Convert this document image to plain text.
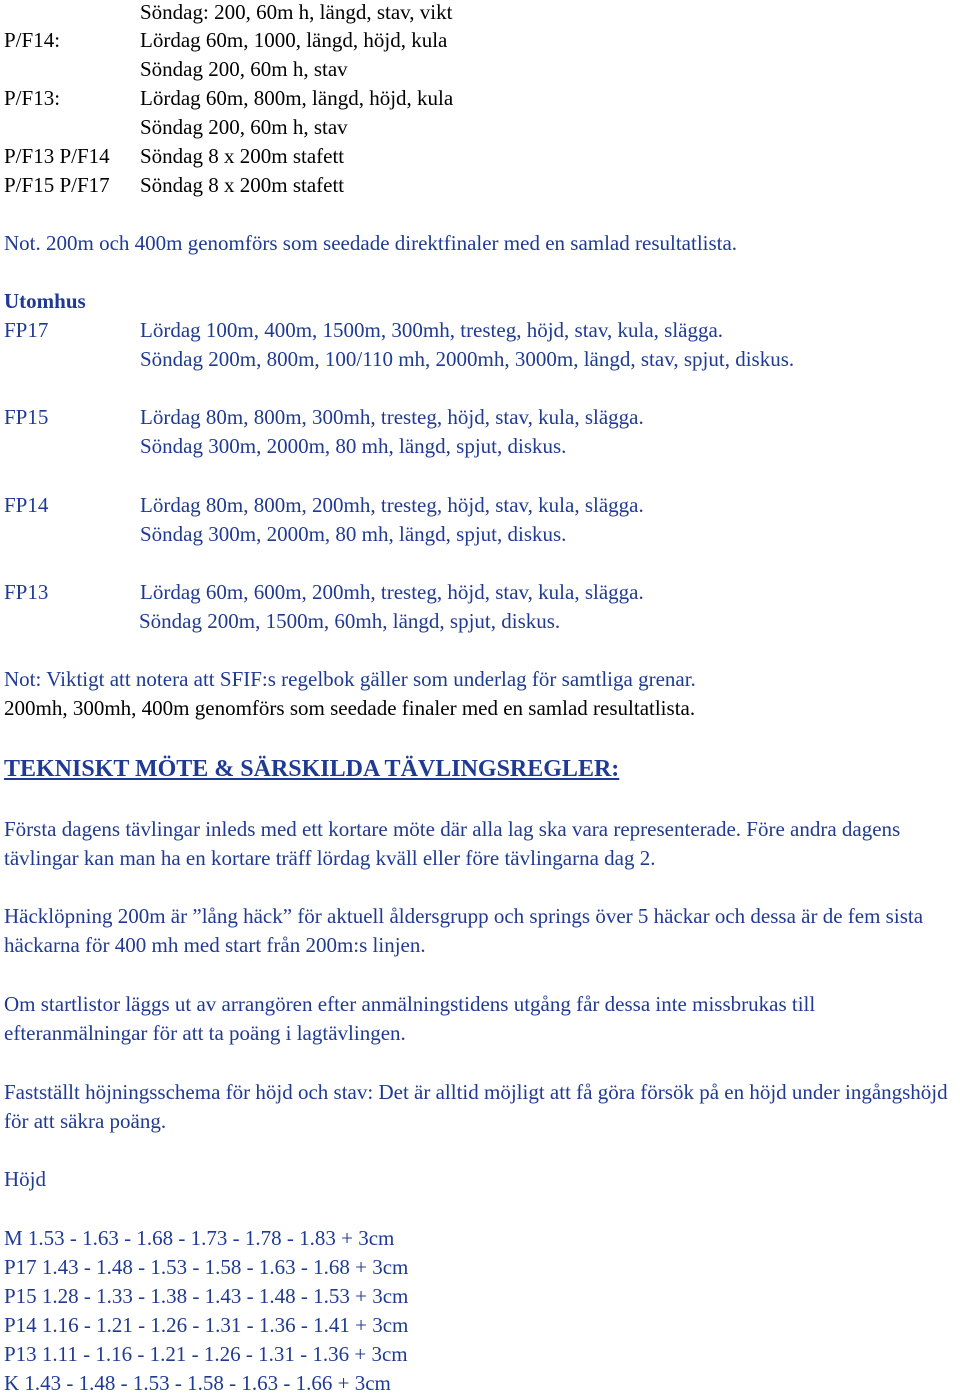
Söndag: 200, 60m h, längd, stav, vikt
P/F14:	Lördag 60m, 1000, längd, höjd, kula
Söndag 200, 60m h, stav
P/F13:	Lördag 60m, 800m, längd, höjd, kula
Söndag 200, 60m h, stav
P/F13 P/F14 Söndag 8 x 200m stafett
P/F15 P/F17 Söndag 8 x 200m stafett
Not. 200m och 400m genomförs som seedade direktfinaler med en samlad resultatlista.
Utomhus
FP17	Lördag 100m, 400m, 1500m, 300mh, tresteg, höjd, stav, kula, slägga.
Söndag 200m, 800m, 100/110 mh, 2000mh, 3000m, längd, stav, spjut, diskus.
FP15	Lördag 80m, 800m, 300mh, tresteg, höjd, stav, kula, slägga.
Söndag 300m, 2000m, 80 mh, längd, spjut, diskus.
FP14	Lördag 80m, 800m, 200mh, tresteg, höjd, stav, kula, slägga.
Söndag 300m, 2000m, 80 mh, längd, spjut, diskus.
FP13	Lördag 60m, 600m, 200mh, tresteg, höjd, stav, kula, slägga.
Söndag 200m, 1500m, 60mh, längd, spjut, diskus.
Not: Viktigt att notera att SFIF:s regelbok gäller som underlag för samtliga grenar.
200mh, 300mh, 400m genomförs som seedade finaler med en samlad resultatlista.
TEKNISKT MÖTE & SÄRSKILDA TÄVLINGSREGLER:
Första dagens tävlingar inleds med ett kortare möte där alla lag ska vara representerade. Före andra dagens tävlingar kan man ha en kortare träff lördag kväll eller före tävlingarna dag 2.
Häcklöpning 200m är ”lång häck” för aktuell åldersgrupp och springs över 5 häckar och dessa är de fem sista häckarna för 400 mh med start från 200m:s linjen.
Om startlistor läggs ut av arrangören efter anmälningstidens utgång får dessa inte missbrukas till efteranmälningar för att ta poäng i lagtävlingen.
Fastställt höjningsschema för höjd och stav: Det är alltid möjligt att få göra försök på en höjd under ingångshöjd för att säkra poäng.
Höjd
M 1.53 - 1.63 - 1.68 - 1.73 - 1.78 - 1.83 + 3cm
P17 1.43 - 1.48 - 1.53 - 1.58 - 1.63 - 1.68 + 3cm
P15 1.28 - 1.33 - 1.38 - 1.43 - 1.48 - 1.53 + 3cm
P14 1.16 - 1.21 - 1.26 - 1.31 - 1.36 - 1.41 + 3cm
P13 1.11 - 1.16 - 1.21 - 1.26 - 1.31 - 1.36 + 3cm
K 1.43 - 1.48 - 1.53 - 1.58 - 1.63 - 1.66 + 3cm
